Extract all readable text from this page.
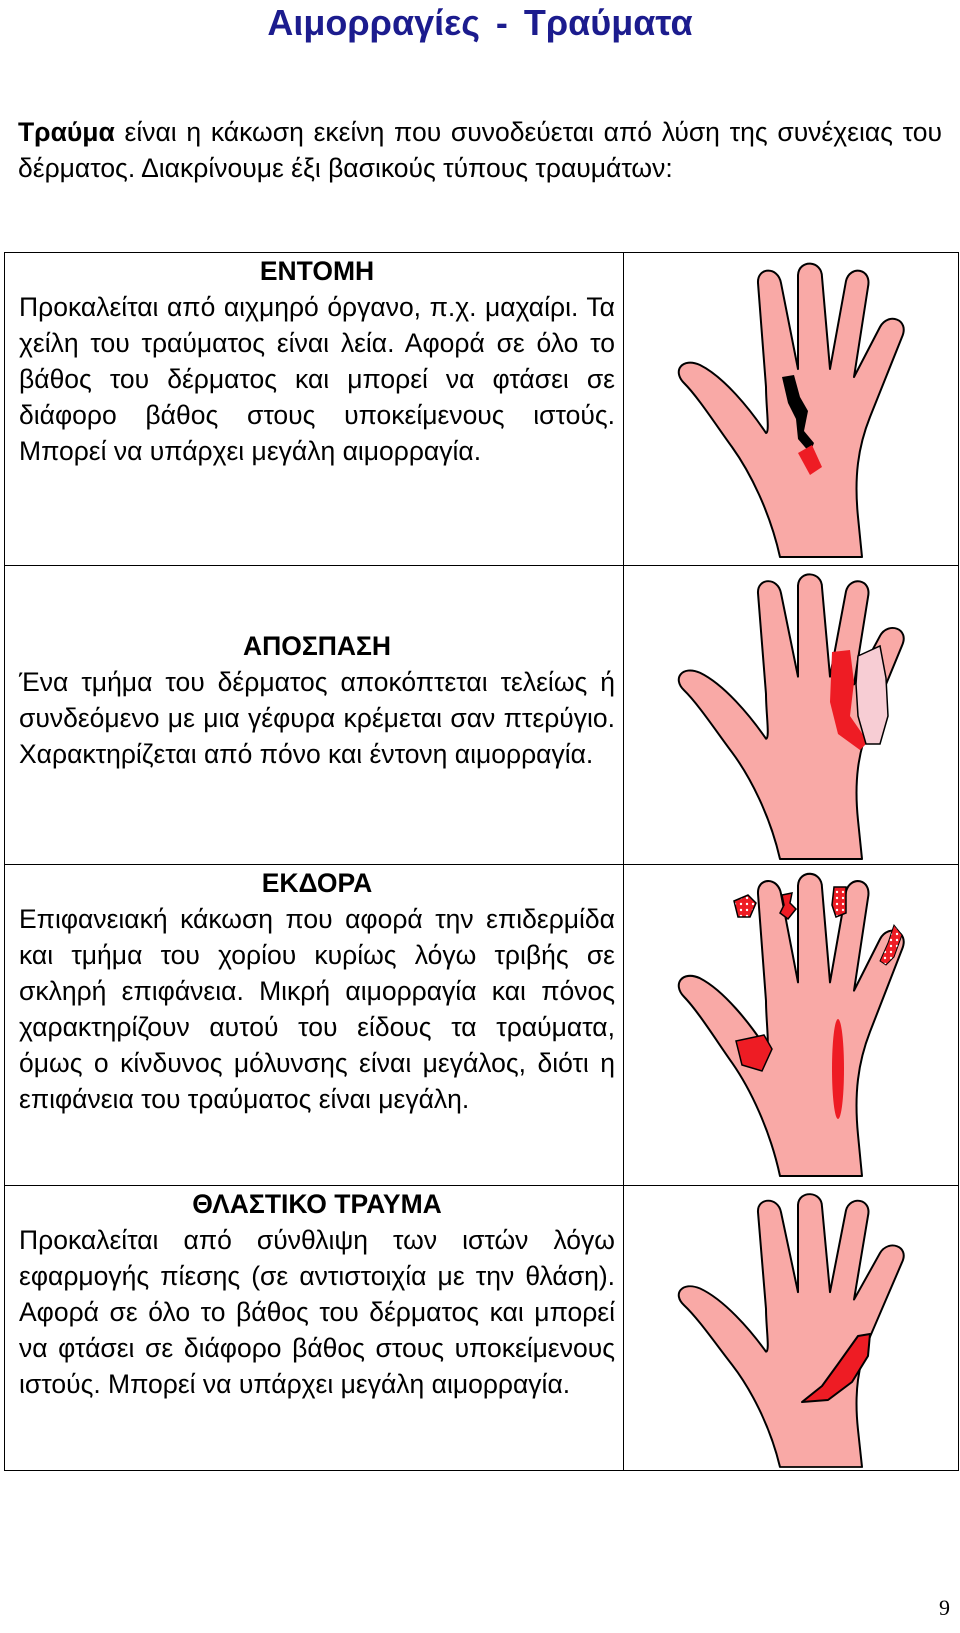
Αιμορραγίες - Τραύματα

Τραύμα είναι η κάκωση εκείνη που συνοδεύεται από λύση της συνέχειας του δέρματος. Διακρίνουμε έξι βασικούς τύπους τραυμάτων:

ΕΝΤΟΜΗ
Προκαλείται από αιχμηρό όργανο, π.χ. μαχαίρι. Τα χείλη του τραύματος είναι λεία. Αφορά σε όλο το βάθος του δέρματος και μπορεί να φτάσει σε διάφορο βάθος στους υποκείμενους ιστούς. Μπορεί να υπάρχει μεγάλη αιμορραγία.

ΑΠΟΣΠΑΣΗ
Ένα τμήμα του δέρματος αποκόπτεται τελείως ή συνδεόμενο με μια γέφυρα κρέμεται σαν πτερύγιο. Χαρακτηρίζεται από πόνο και έντονη αιμορραγία.

ΕΚΔΟΡΑ
Επιφανειακή κάκωση που αφορά την επιδερμίδα και τμήμα του χορίου κυρίως λόγω τριβής σε σκληρή επιφάνεια. Μικρή αιμορραγία και πόνος χαρακτηρίζουν αυτού του είδους τα τραύματα, όμως ο κίνδυνος μόλυνσης είναι μεγάλος, διότι η επιφάνεια του τραύματος είναι μεγάλη.

ΘΛΑΣΤΙΚΟ ΤΡΑΥΜΑ
Προκαλείται από σύνθλιψη των ιστών λόγω εφαρμογής πίεσης (σε αντιστοιχία με την θλάση). Αφορά σε όλο το βάθος του δέρματος και μπορεί να φτάσει σε διάφορο βάθος στους υποκείμενους ιστούς. Μπορεί να υπάρχει μεγάλη αιμορραγία.

9
